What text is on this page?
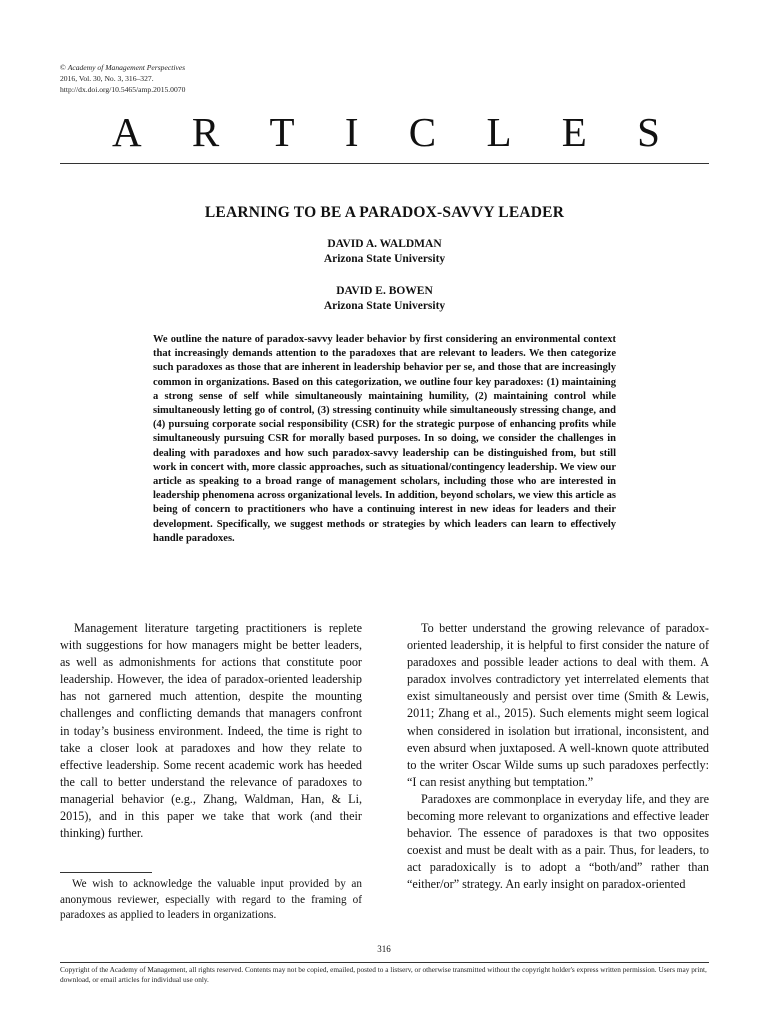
© Academy of Management Perspectives
2016, Vol. 30, No. 3, 316–327.
http://dx.doi.org/10.5465/amp.2015.0070
A R T I C L E S
LEARNING TO BE A PARADOX-SAVVY LEADER
DAVID A. WALDMAN
Arizona State University
DAVID E. BOWEN
Arizona State University

We outline the nature of paradox-savvy leader behavior by first considering an environmental context that increasingly demands attention to the paradoxes that are relevant to leaders. We then categorize such paradoxes as those that are inherent in leadership behavior per se, and those that are increasingly common in organizations. Based on this categorization, we outline four key paradoxes: (1) maintaining a strong sense of self while simultaneously maintaining humility, (2) maintaining control while simultaneously letting go of control, (3) stressing continuity while simultaneously stressing change, and (4) pursuing corporate social responsibility (CSR) for the strategic purpose of enhancing profits while simultaneously pursuing CSR for morally based purposes. In so doing, we consider the challenges in dealing with paradoxes and how such paradox-savvy leadership can be distinguished from, but still work in concert with, more classic approaches, such as situational/contingency leadership. We view our article as speaking to a broad range of management scholars, including those who are interested in leadership phenomena across organizational levels. In addition, beyond scholars, we view this article as being of concern to practitioners who have a continuing interest in new ideas for leaders and their development. Specifically, we suggest methods or strategies by which leaders can learn to effectively handle paradoxes.

Management literature targeting practitioners is replete with suggestions for how managers might be better leaders, as well as admonishments for actions that constitute poor leadership. However, the idea of paradox-oriented leadership has not garnered much attention, despite the mounting challenges and conflicting demands that managers confront in today’s business environment. Indeed, the time is right to take a closer look at paradoxes and how they relate to effective leadership. Some recent academic work has heeded the call to better understand the relevance of paradoxes to managerial behavior (e.g., Zhang, Waldman, Han, & Li, 2015), and in this paper we take that work (and their thinking) further.

To better understand the growing relevance of paradox-oriented leadership, it is helpful to first consider the nature of paradoxes and possible leader actions to deal with them. A paradox involves contradictory yet interrelated elements that exist simultaneously and persist over time (Smith & Lewis, 2011; Zhang et al., 2015). Such elements might seem logical when considered in isolation but irrational, inconsistent, and even absurd when juxtaposed. A well-known quote attributed to the writer Oscar Wilde sums up such paradoxes perfectly: “I can resist anything but temptation.”

Paradoxes are commonplace in everyday life, and they are becoming more relevant to organizations and effective leader behavior. The essence of paradoxes is that two opposites coexist and must be dealt with as a pair. Thus, for leaders, to act paradoxically is to adopt a “both/and” rather than “either/or” strategy. An early insight on paradox-oriented

We wish to acknowledge the valuable input provided by an anonymous reviewer, especially with regard to the framing of paradoxes as applied to leaders in organizations.
316
Copyright of the Academy of Management, all rights reserved. Contents may not be copied, emailed, posted to a listserv, or otherwise transmitted without the copyright holder's express written permission. Users may print, download, or email articles for individual use only.
